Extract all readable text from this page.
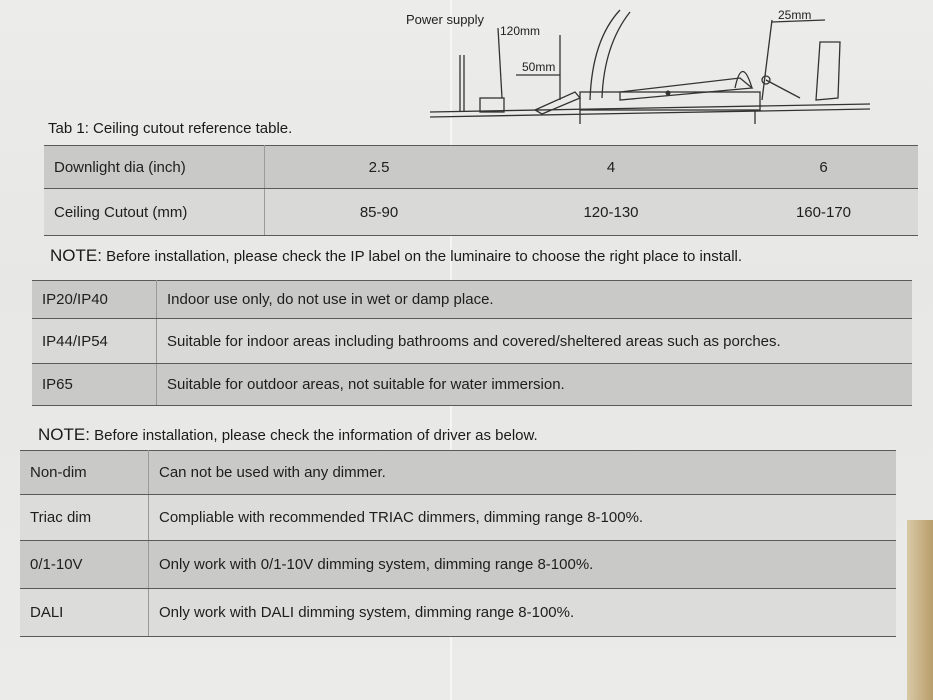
Power supply
120mm
50mm
25mm
Tab 1: Ceiling cutout reference table.
Downlight dia (inch)	2.5	4	6
Ceiling Cutout (mm)	85-90	120-130	160-170
NOTE: Before installation, please check the IP label on the luminaire to choose the right place to install.
IP20/IP40	Indoor use only, do not use in wet or damp place.
IP44/IP54	Suitable for indoor areas including bathrooms and covered/sheltered areas such as porches.
IP65	Suitable for outdoor areas, not suitable for water immersion.
NOTE: Before installation, please check the information of driver as below.
Non-dim	Can not be used with any dimmer.
Triac dim	Compliable with recommended TRIAC dimmers, dimming range 8-100%.
0/1-10V	Only work with 0/1-10V dimming system, dimming range 8-100%.
DALI	Only work with DALI dimming system, dimming range 8-100%.
